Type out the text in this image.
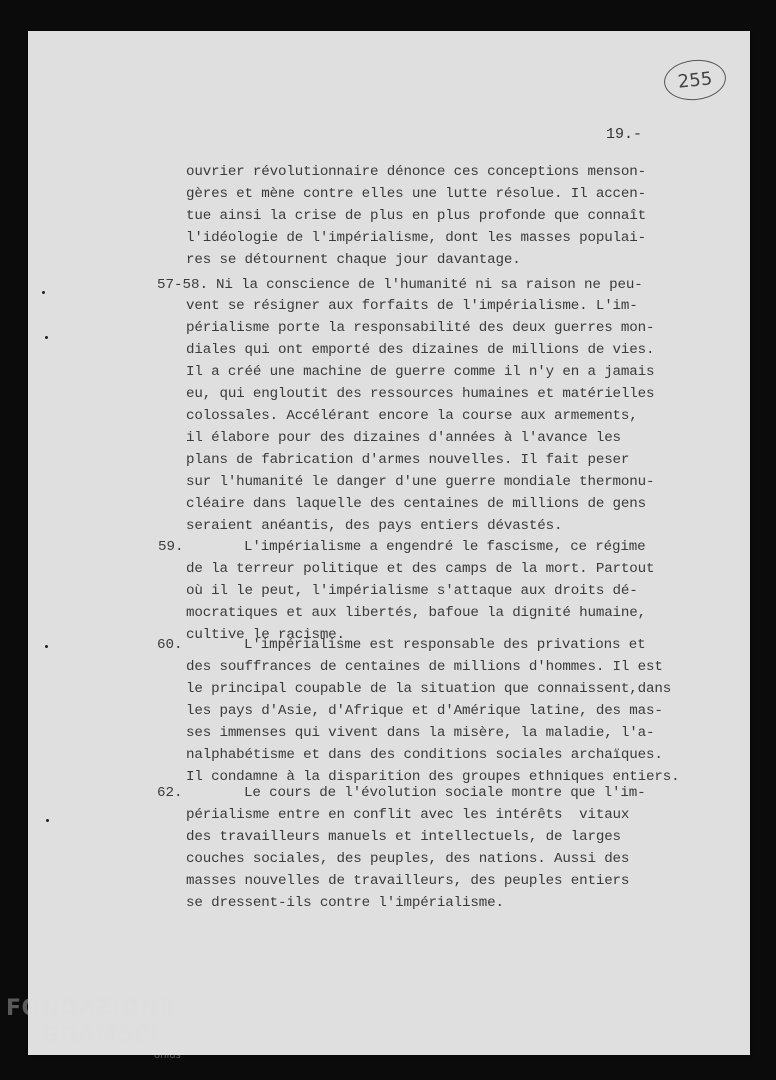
255
19.-
57-58.
59.
60.
62.
ouvrier révolutionnaire dénonce ces conceptions menson-
gères et mène contre elles une lutte résolue. Il accen-
tue ainsi la crise de plus en plus profonde que connaît
l'idéologie de l'impérialisme, dont les masses populai-
res se détournent chaque jour davantage.
Ni la conscience de l'humanité ni sa raison ne peu-
vent se résigner aux forfaits de l'impérialisme. L'im-
périalisme porte la responsabilité des deux guerres mon-
diales qui ont emporté des dizaines de millions de vies.
Il a créé une machine de guerre comme il n'y en a jamais
eu, qui engloutit des ressources humaines et matérielles
colossales. Accélérant encore la course aux armements,
il élabore pour des dizaines d'années à l'avance les
plans de fabrication d'armes nouvelles. Il fait peser
sur l'humanité le danger d'une guerre mondiale thermonu-
cléaire dans laquelle des centaines de millions de gens
seraient anéantis, des pays entiers dévastés.
L'impérialisme a engendré le fascisme, ce régime
de la terreur politique et des camps de la mort. Partout
où il le peut, l'impérialisme s'attaque aux droits dé-
mocratiques et aux libertés, bafoue la dignité humaine,
cultive le racisme.
L'impérialisme est responsable des privations et
des souffrances de centaines de millions d'hommes. Il est
le principal coupable de la situation que connaissent,dans
les pays d'Asie, d'Afrique et d'Amérique latine, des mas-
ses immenses qui vivent dans la misère, la maladie, l'a-
nalphabétisme et dans des conditions sociales archaïques.
Il condamne à la disparition des groupes ethniques entiers.
Le cours de l'évolution sociale montre que l'im-
périalisme entre en conflit avec les intérêts  vitaux
des travailleurs manuels et intellectuels, de larges
couches sociales, des peuples, des nations. Aussi des
masses nouvelles de travailleurs, des peuples entiers
se dressent-ils contre l'impérialisme.
FONDAZIONE
GRAMSCI
onlus
